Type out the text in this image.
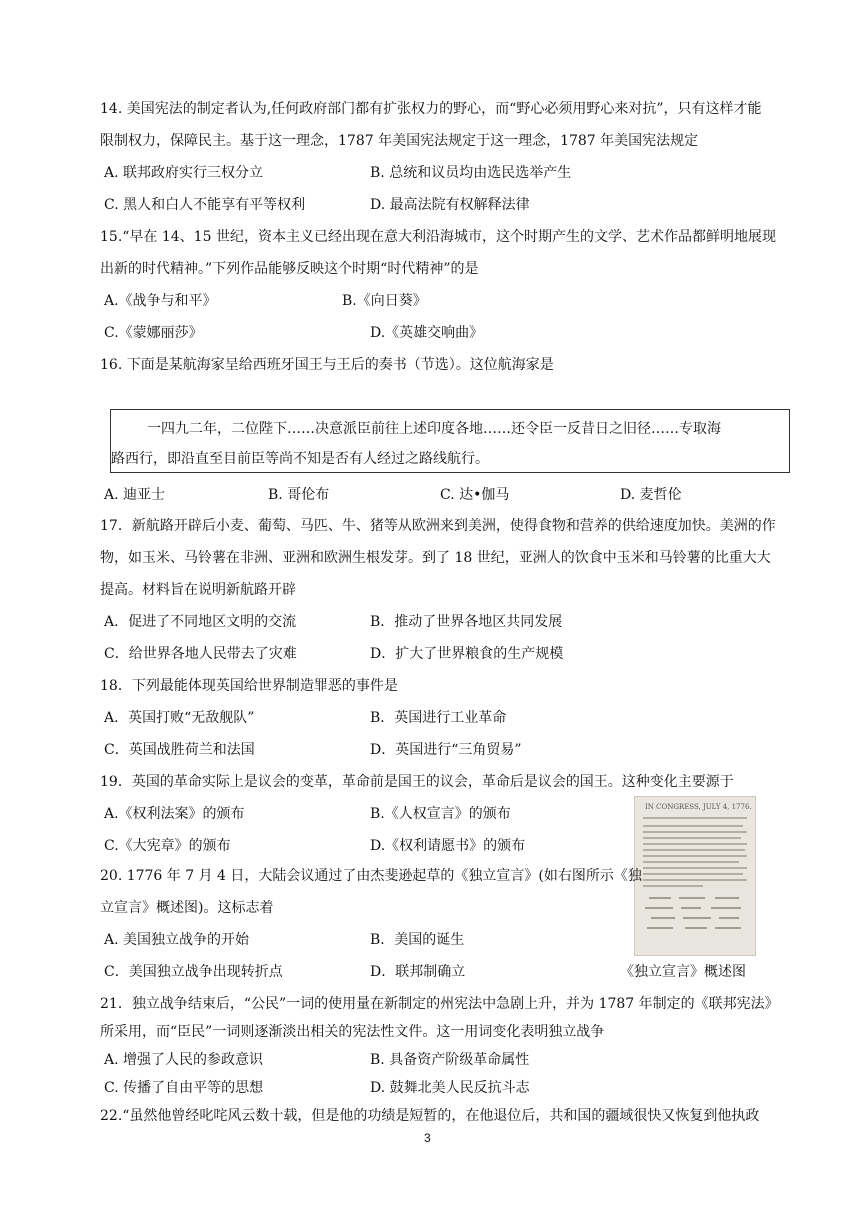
14. 美国宪法的制定者认为,任何政府部门都有扩张权力的野心，而“野心必须用野心来对抗”，只有这样才能
限制权力，保障民主。基于这一理念，1787 年美国宪法规定于这一理念，1787 年美国宪法规定
A. 联邦政府实行三权分立	B. 总统和议员均由选民选举产生
C. 黑人和白人不能享有平等权利	D. 最高法院有权解释法律
15.“早在 14、15 世纪，资本主义已经出现在意大利沿海城市，这个时期产生的文学、艺术作品都鲜明地展现
出新的时代精神。”下列作品能够反映这个时期“时代精神”的是
A.《战争与和平》	B.《向日葵》
C.《蒙娜丽莎》	D.《英雄交响曲》
16. 下面是某航海家呈给西班牙国王与王后的奏书（节选）。这位航海家是
一四九二年，二位陛下……决意派臣前往上述印度各地……还令臣一反昔日之旧径……专取海
路西行，即沿直至目前臣等尚不知是否有人经过之路线航行。
A. 迪亚士	B. 哥伦布	C. 达•伽马	D. 麦哲伦
17．新航路开辟后小麦、葡萄、马匹、牛、猪等从欧洲来到美洲，使得食物和营养的供给速度加快。美洲的作
物，如玉米、马铃薯在非洲、亚洲和欧洲生根发芽。到了 18 世纪，亚洲人的饮食中玉米和马铃薯的比重大大
提高。材料旨在说明新航路开辟
A．促进了不同地区文明的交流	B．推动了世界各地区共同发展
C．给世界各地人民带去了灾难	D．扩大了世界粮食的生产规模
18．下列最能体现英国给世界制造罪恶的事件是
A．英国打败“无敌舰队”	B．英国进行工业革命
C．英国战胜荷兰和法国	D．英国进行“三角贸易”
19．英国的革命实际上是议会的变革，革命前是国王的议会，革命后是议会的国王。这种变化主要源于
A.《权利法案》的颁布	B.《人权宣言》的颁布
C.《大宪章》的颁布	D.《权利请愿书》的颁布
IN CONGRESS, JULY 4, 1776.
20. 1776 年 7 月 4 日，大陆会议通过了由杰斐逊起草的《独立宣言》(如右图所示《独
立宣言》概述图)。这标志着
A. 美国独立战争的开始	B．美国的诞生
C．美国独立战争出现转折点	D．联邦制确立	《独立宣言》概述图
21．独立战争结束后，“公民”一词的使用量在新制定的州宪法中急剧上升，并为 1787 年制定的《联邦宪法》
所采用，而“臣民”一词则逐渐淡出相关的宪法性文件。这一用词变化表明独立战争
A. 增强了人民的参政意识	B. 具备资产阶级革命属性
C. 传播了自由平等的思想	D. 鼓舞北美人民反抗斗志
22.“虽然他曾经叱咤风云数十载，但是他的功绩是短暂的，在他退位后，共和国的疆域很快又恢复到他执政
3
